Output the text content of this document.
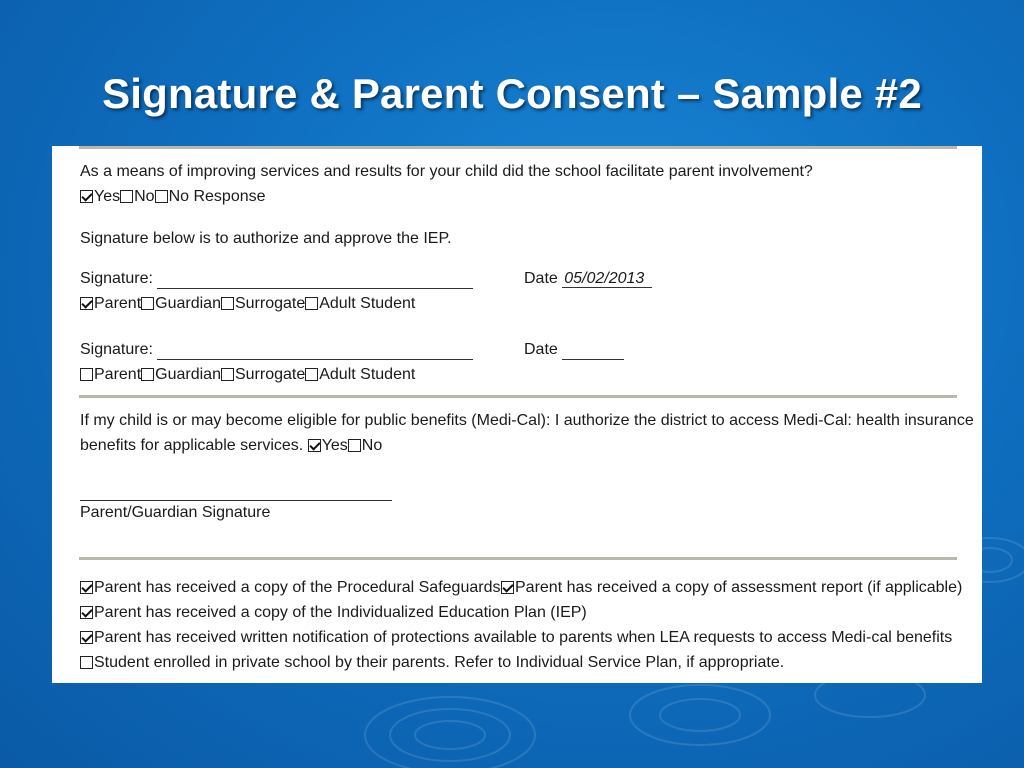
Signature & Parent Consent – Sample #2
As a means of improving services and results for your child did the school facilitate parent involvement?
Yes No No Response
Signature below is to authorize and approve the IEP.
Signature:	Date 05/02/2013
Parent Guardian Surrogate Adult Student
Signature:	Date
Parent Guardian Surrogate Adult Student
If my child is or may become eligible for public benefits (Medi-Cal): I authorize the district to access Medi-Cal: health insurance
benefits for applicable services. Yes No
Parent/Guardian Signature
Parent has received a copy of the Procedural Safeguards Parent has received a copy of assessment report (if applicable)
Parent has received a copy of the Individualized Education Plan (IEP)
Parent has received written notification of protections available to parents when LEA requests to access Medi-cal benefits
Student enrolled in private school by their parents. Refer to Individual Service Plan, if appropriate.
